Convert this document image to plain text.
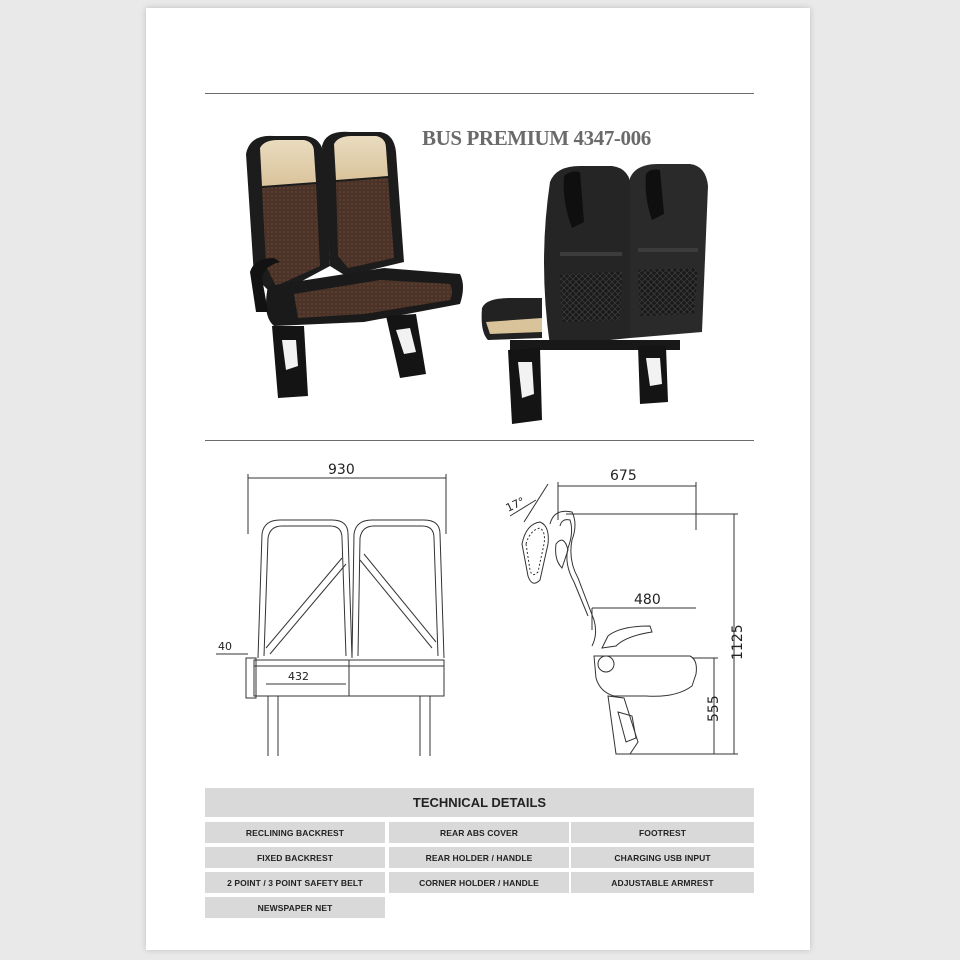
BUS PREMIUM 4347-006
930
40
432
675
480
1125
555
17°
TECHNICAL DETAILS
RECLINING BACKREST	REAR ABS COVER	FOOTREST
FIXED BACKREST	REAR HOLDER / HANDLE	CHARGING USB INPUT
2 POINT / 3 POINT SAFETY BELT	CORNER HOLDER / HANDLE	ADJUSTABLE ARMREST
NEWSPAPER NET
